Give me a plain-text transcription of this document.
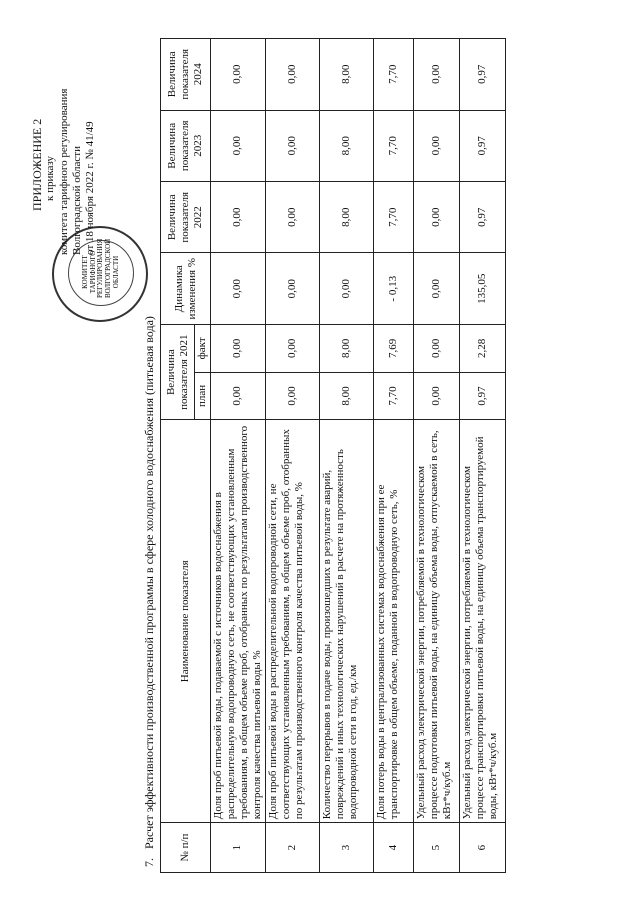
КОМИТЕТ ТАРИФНОГО РЕГУЛИРОВАНИЯ ВОЛГОГРАДСКОЙ ОБЛАСТИ
ПРИЛОЖЕНИЕ 2 к приказу комитета тарифного регулирования Волгоградской области от 18 ноября 2022 г. № 41/49
7. Расчет эффективности производственной программы в сфере холодного водоснабжения (питьевая вода) № п/п	Наименование показателя	Величина показателя 2021		Динамика изменения %	Величина показателя 2022	Величина показателя 2023	Величина показателя 2024
		план	факт				
1	Доля проб питьевой воды, подаваемой с источников водоснабжения в распределительную водопроводную сеть, не соответствующих установленным требованиям, в общем объеме проб, отобранных по результатам производственного контроля качества питьевой воды %	0,00	0,00	0,00	0,00	0,00	0,00
2	Доля проб питьевой воды в распределительной водопроводной сети, не соответствующих установленным требованиям, в общем объеме проб, отобранных по результатам производственного контроля качества питьевой воды, %	0,00	0,00	0,00	0,00	0,00	0,00
3	Количество перерывов в подаче воды, произошедших в результате аварий, повреждений и иных технологических нарушений в расчете на протяженность водопроводной сети в год, ед./км	8,00	8,00	0,00	8,00	8,00	8,00
4	Доля потерь воды в централизованных системах водоснабжения при ее транспортировке в общем объеме, поданной в водопроводную сеть, %	7,70	7,69	- 0,13	7,70	7,70	7,70
5	Удельный расход электрической энергии, потребляемой в технологическом процессе подготовки питьевой воды, на единицу объема воды, отпускаемой в сеть, кВт*ч/куб.м	0,00	0,00	0,00	0,00	0,00	0,00
6	Удельный расход электрической энергии, потребляемой в технологическом процессе транспортировки питьевой воды, на единицу объема транспортируемой воды, кВт*ч/куб.м	0,97	2,28	135,05	0,97	0,97	0,97
